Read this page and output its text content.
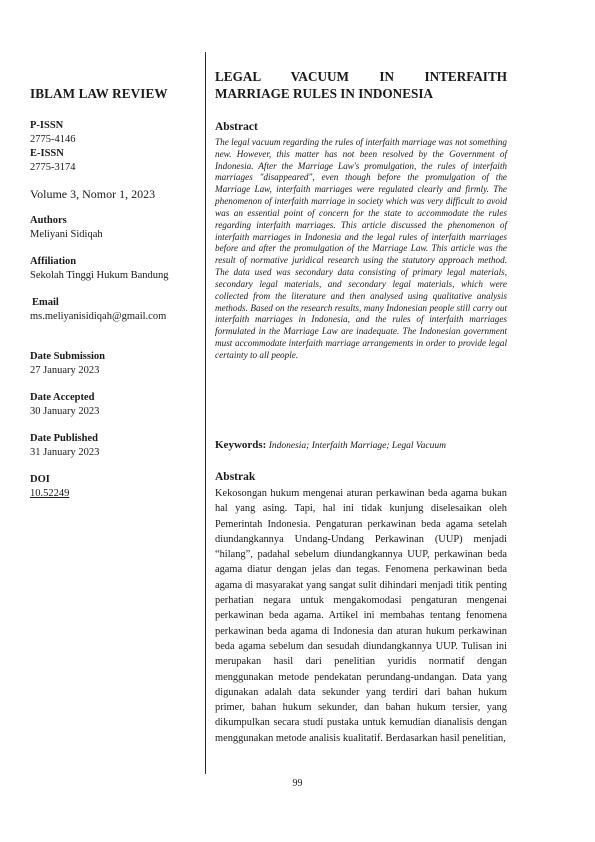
IBLAM LAW REVIEW
P-ISSN
2775-4146
E-ISSN
2775-3174
Volume 3, Nomor 1, 2023
Authors
Meliyani Sidiqah
Affiliation
Sekolah Tinggi Hukum Bandung
Email
ms.meliyanisidiqah@gmail.com
Date Submission
27 January 2023
Date Accepted
30 January 2023
Date Published
31 January 2023
DOI
10.52249
LEGAL VACUUM IN INTERFAITH
MARRIAGE RULES IN INDONESIA
Abstract
The legal vacuum regarding the rules of interfaith marriage was not something new. However, this matter has not been resolved by the Government of Indonesia. After the Marriage Law's promulgation, the rules of interfaith marriages "disappeared", even though before the promulgation of the Marriage Law, interfaith marriages were regulated clearly and firmly. The phenomenon of interfaith marriage in society which was very difficult to avoid was an essential point of concern for the state to accommodate the rules regarding interfaith marriages. This article discussed the phenomenon of interfaith marriages in Indonesia and the legal rules of interfaith marriages before and after the promulgation of the Marriage Law. This article was the result of normative juridical research using the statutory approach method. The data used was secondary data consisting of primary legal materials, secondary legal materials, and secondary legal materials, which were collected from the literature and then analysed using qualitative analysis methods. Based on the research results, many Indonesian people still carry out interfaith marriages in Indonesia, and the rules of interfaith marriages formulated in the Marriage Law are inadequate. The Indonesian government must accommodate interfaith marriage arrangements in order to provide legal certainty to all people.
Keywords: Indonesia; Interfaith Marriage; Legal Vacuum
Abstrak
Kekosongan hukum mengenai aturan perkawinan beda agama bukan hal yang asing. Tapi, hal ini tidak kunjung diselesaikan oleh Pemerintah Indonesia. Pengaturan perkawinan beda agama setelah diundangkannya Undang-Undang Perkawinan (UUP) menjadi “hilang”, padahal sebelum diundangkannya UUP, perkawinan beda agama diatur dengan jelas dan tegas. Fenomena perkawinan beda agama di masyarakat yang sangat sulit dihindari menjadi titik penting perhatian negara untuk mengakomodasi pengaturan mengenai perkawinan beda agama. Artikel ini membahas tentang fenomena perkawinan beda agama di Indonesia dan aturan hukum perkawinan beda agama sebelum dan sesudah diundangkannya UUP. Tulisan ini merupakan hasil dari penelitian yuridis normatif dengan menggunakan metode pendekatan perundang-undangan. Data yang digunakan adalah data sekunder yang terdiri dari bahan hukum primer, bahan hukum sekunder, dan bahan hukum tersier, yang dikumpulkan secara studi pustaka untuk kemudian dianalisis dengan menggunakan metode analisis kualitatif. Berdasarkan hasil penelitian,
99
